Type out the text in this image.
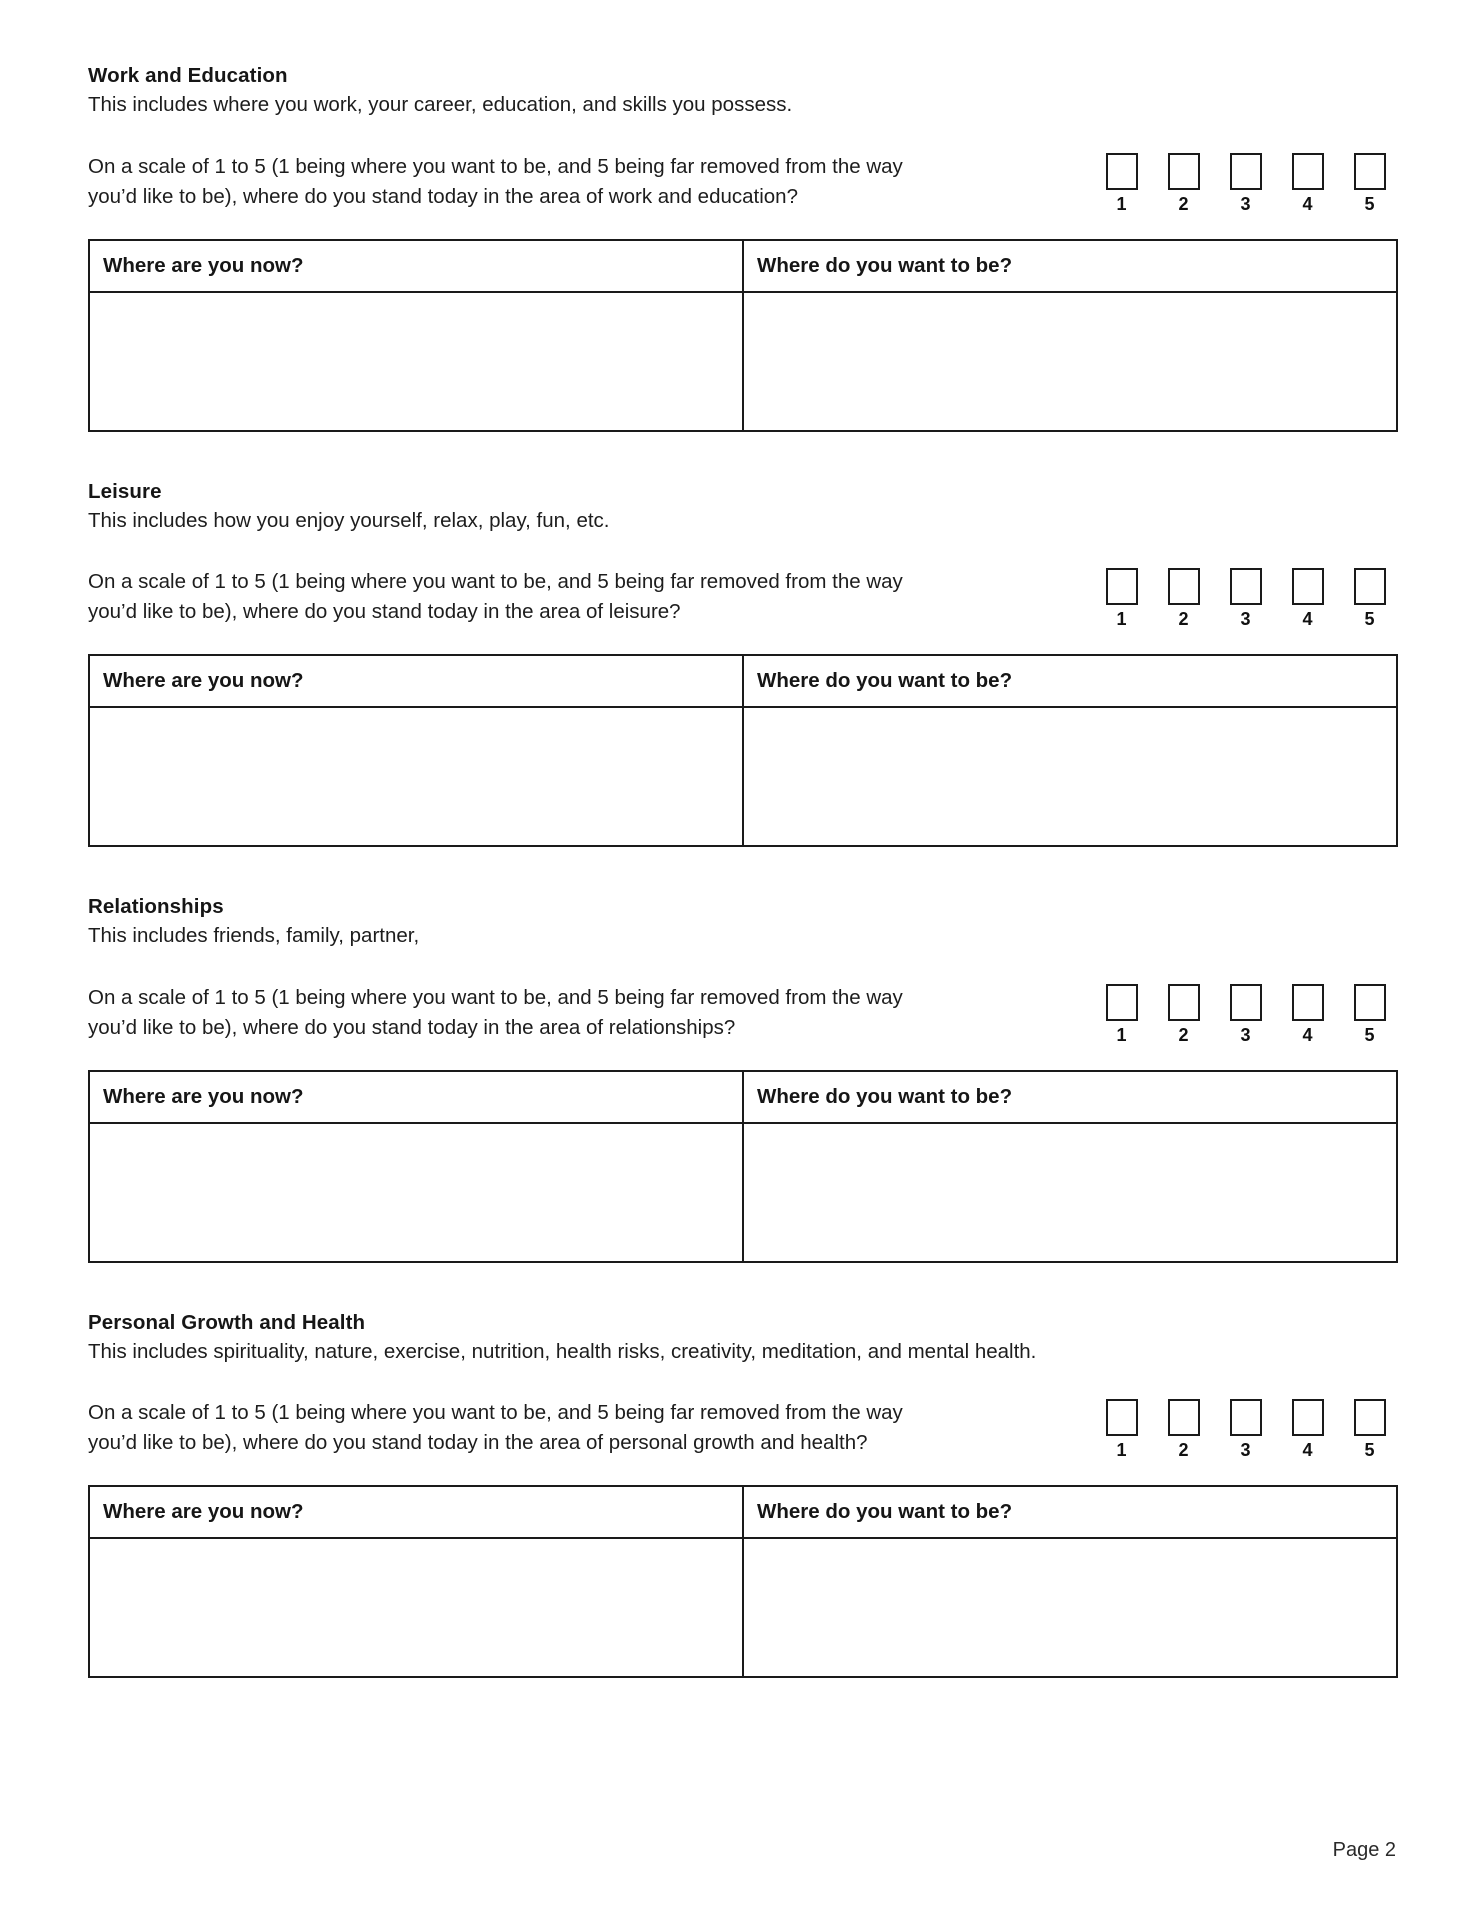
Work and Education
This includes where you work, your career, education, and skills you possess.
On a scale of 1 to 5 (1 being where you want to be, and 5 being far removed from the way
you’d like to be), where do you stand today in the area of work and education?	1	2	3	4	5
Where are you now?	Where do you want to be?

Leisure
This includes how you enjoy yourself, relax, play, fun, etc.
On a scale of 1 to 5 (1 being where you want to be, and 5 being far removed from the way
you’d like to be), where do you stand today in the area of leisure?	1	2	3	4	5
Where are you now?	Where do you want to be?

Relationships
This includes friends, family, partner,
On a scale of 1 to 5 (1 being where you want to be, and 5 being far removed from the way
you’d like to be), where do you stand today in the area of relationships?	1	2	3	4	5
Where are you now?	Where do you want to be?

Personal Growth and Health
This includes spirituality, nature, exercise, nutrition, health risks, creativity, meditation, and mental health.
On a scale of 1 to 5 (1 being where you want to be, and 5 being far removed from the way
you’d like to be), where do you stand today in the area of personal growth and health?	1	2	3	4	5
Where are you now?	Where do you want to be?

Page 2
